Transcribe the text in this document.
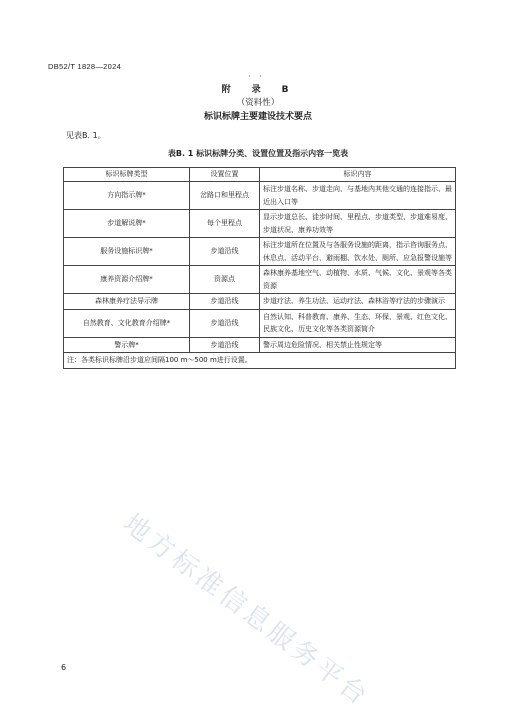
DB52/T 1828—2024
· ·
附　录　B
（资料性）
标识标牌主要建设技术要点
见表B. 1。
表B. 1 标识标牌分类、设置位置及指示内容一览表
标识标牌类型	设置位置	标识内容
方向指示牌*	岔路口和里程点	标注步道名称、步道走向、与基地内其他交通的连接指示、最近出入口等
步道解说牌*	每个里程点	显示步道总长、徒步时间、里程点、步道类型、步道难易度、步道状况、康养功效等
服务设施标识牌*	步道沿线	标注步道所在位置及与各服务设施的距离，指示咨询服务点、休息点、活动平台、避雨棚、饮水处、厕所、应急报警设施等
康养资源介绍牌*	资源点	森林康养基地空气、动植物、水质、气候、文化、景观等各类资源
森林康养疗法导示牌	步道沿线	步道疗法、养生功法、运动疗法、森林浴等疗法的步骤演示
自然教育、文化教育介绍牌*	步道沿线	自然认知、科普教育、康养、生态、环保、景观、红色文化、民族文化、历史文化等各类资源简介
警示牌*	步道沿线	警示周边危险情况、相关禁止性规定等
注：各类标识标牌沿步道应间隔100 m～500 m进行设置。		
地方标准信息服务平台
6
